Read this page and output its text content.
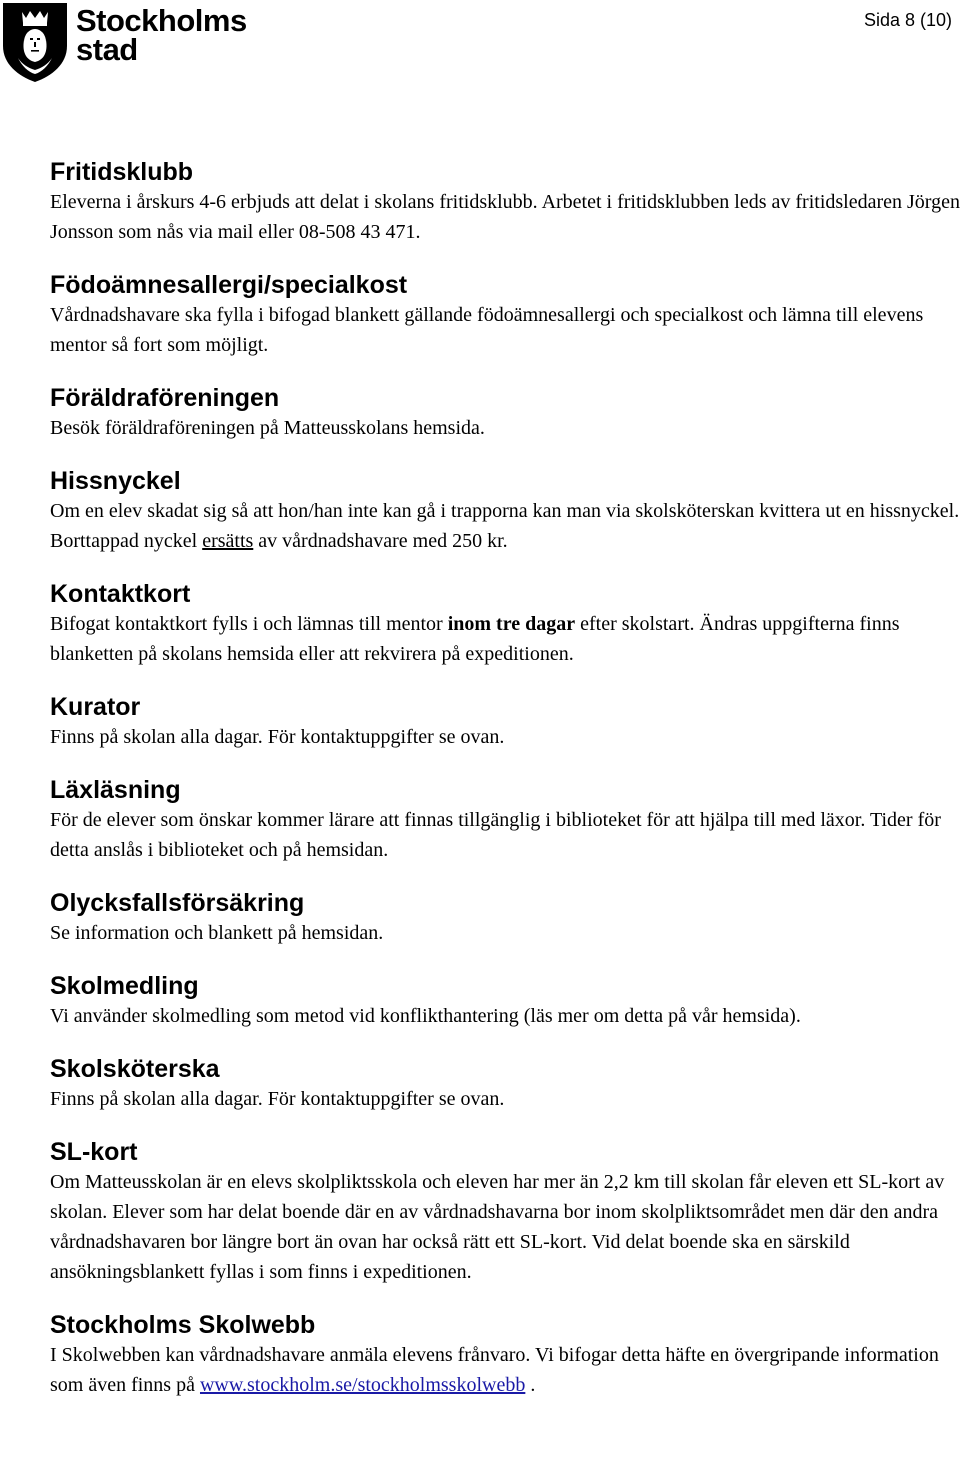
Stockholms
stad
Sida 8 (10)
Fritidsklubb

Eleverna i årskurs 4-6 erbjuds att delat i skolans fritidsklubb. Arbetet i fritidsklubben leds av fritidsledaren Jörgen Jonsson som nås via mail eller 08-508 43 471.

Födoämnesallergi/specialkost

Vårdnadshavare ska fylla i bifogad blankett gällande födoämnesallergi och specialkost och lämna till elevens mentor så fort som möjligt.

Föräldraföreningen

Besök föräldraföreningen på Matteusskolans hemsida.

Hissnyckel

Om en elev skadat sig så att hon/han inte kan gå i trapporna kan man via skolsköterskan kvittera ut en hissnyckel. Borttappad nyckel ersätts av vårdnadshavare med 250 kr.

Kontaktkort

Bifogat kontaktkort fylls i och lämnas till mentor inom tre dagar efter skolstart. Ändras uppgifterna finns blanketten på skolans hemsida eller att rekvirera på expeditionen.

Kurator

Finns på skolan alla dagar. För kontaktuppgifter se ovan.

Läxläsning

För de elever som önskar kommer lärare att finnas tillgänglig i biblioteket för att hjälpa till med läxor. Tider för detta anslås i biblioteket och på hemsidan.

Olycksfallsförsäkring

Se information och blankett på hemsidan.

Skolmedling

Vi använder skolmedling som metod vid konflikthantering (läs mer om detta på vår hemsida).

Skolsköterska

Finns på skolan alla dagar. För kontaktuppgifter se ovan.

SL-kort

Om Matteusskolan är en elevs skolpliktsskola och eleven har mer än 2,2 km till skolan får eleven ett SL-kort av skolan. Elever som har delat boende där en av vårdnadshavarna bor inom skolpliktsområdet men där den andra vårdnadshavaren bor längre bort än ovan har också rätt ett SL-kort. Vid delat boende ska en särskild ansökningsblankett fyllas i som finns i expeditionen.

Stockholms Skolwebb

I Skolwebben kan vårdnadshavare anmäla elevens frånvaro. Vi bifogar detta häfte en övergripande information som även finns på www.stockholm.se/stockholmsskolwebb .
